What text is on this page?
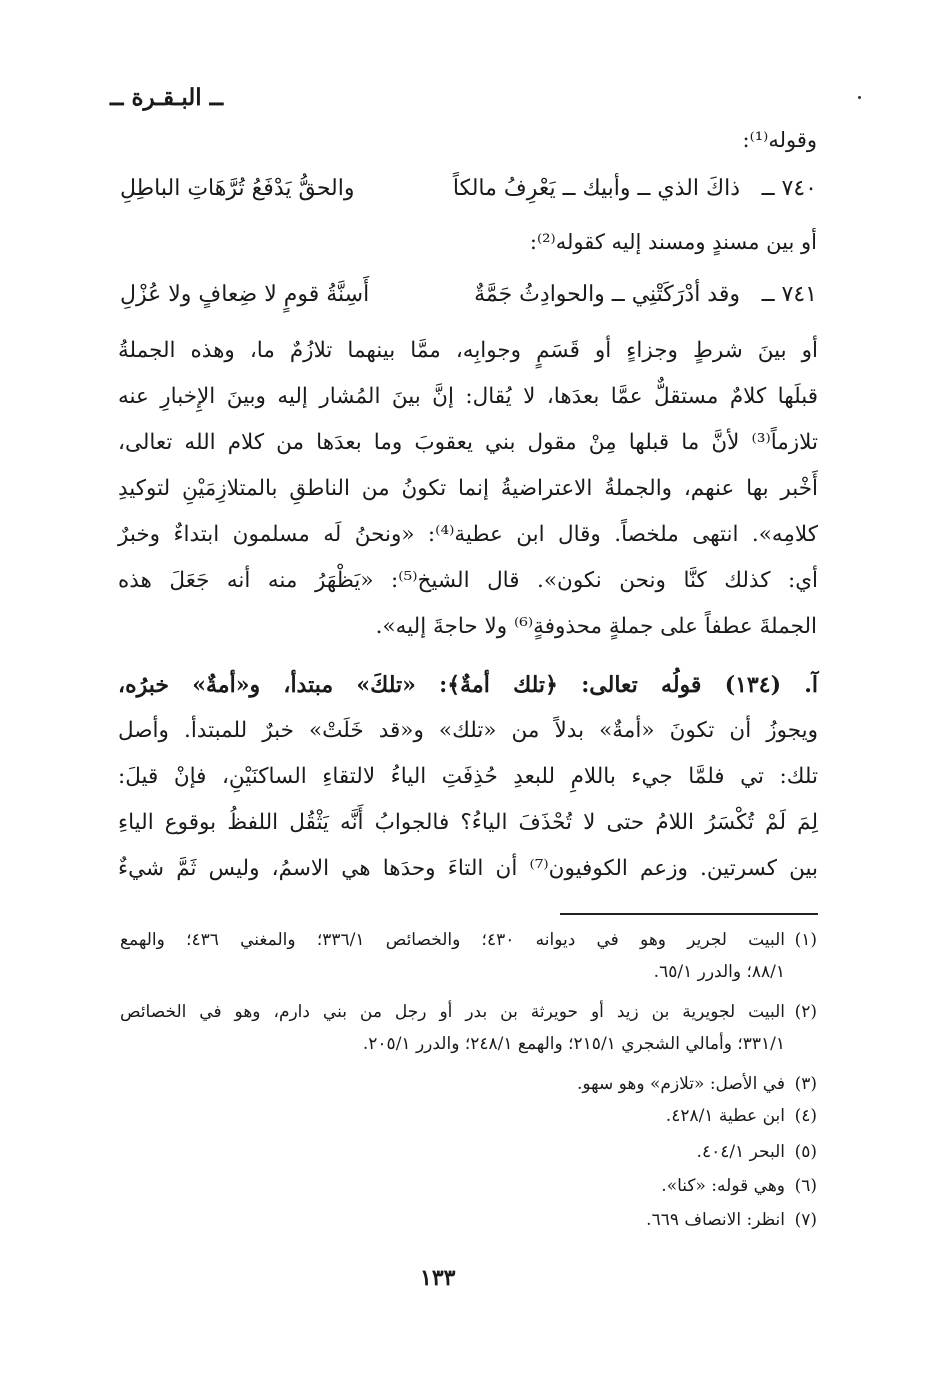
ــ البـقـرة ــ
وقوله⁽¹⁾:
٧٤٠ ــ
ذاكَ الذي ــ وأبيك ــ يَعْرِفُ مالكاً
والحقُّ يَدْفَعُ تُرَّهَاتِ الباطِلِ
أو بين مسندٍ ومسند إليه كقوله⁽²⁾:
٧٤١ ــ
وقد أدْرَكَتْنِي ــ والحوادِثُ جَمَّةٌ
أَسِنَّةُ قومٍ لا ضِعافٍ ولا عُزْلِ
أو بينَ شرطٍ وجزاءٍ أو قَسَمٍ وجوابِه، ممَّا بينهما تلازُمٌ ما، وهذه الجملةُ
قبلَها كلامٌ مستقلٌّ عمَّا بعدَها، لا يُقال: إنَّ بينَ المُشار إليه وبينَ الإِخبارِ عنه
تلازماً⁽³⁾ لأنَّ ما قبلها مِنْ مقول بني يعقوبَ وما بعدَها من كلام الله تعالى،
أَخْبر بها عنهم، والجملةُ الاعتراضيةُ إنما تكونُ من الناطقِ بالمتلازِمَيْنِ لتوكيدِ
كلامِه». انتهى ملخصاً. وقال ابن عطية⁽⁴⁾: «ونحنُ لَه مسلمون ابتداءٌ وخبرٌ
أي: كذلك كنَّا ونحن نكون». قال الشيخ⁽⁵⁾: «يَظْهَرُ منه أنه جَعَلَ هذه
الجملةَ عطفاً على جملةٍ محذوفةٍ⁽⁶⁾ ولا حاجةَ إليه».
آ. (١٣٤) قولُه تعالى: ﴿تلك أمةٌ﴾: «تلكَ» مبتدأ، و«أمةٌ» خبرُه،
ويجوزُ أن تكونَ «أمةٌ» بدلاً من «تلك» و«قد خَلَتْ» خبرٌ للمبتدأ. وأصل
تلك: تي فلمَّا جيء باللامِ للبعدِ حُذِفَتِ الياءُ لالتقاءِ الساكنَيْنِ، فإنْ قيلَ:
لِمَ لَمْ تُكْسَرُ اللامُ حتى لا تُحْذَفَ الياءُ؟ فالجوابُ أَنَّه يَثْقُل اللفظُ بوقوع الياءِ
بين كسرتين. وزعم الكوفيون⁽⁷⁾ أن التاءَ وحدَها هي الاسمُ، وليس ثَمَّ شيءٌ
(١)
البيت لجرير وهو في ديوانه ٤٣٠؛ والخصائص ٣٣٦/١؛ والمغني ٤٣٦؛ والهمع
٨٨/١؛ والدرر ٦٥/١.
(٢)
البيت لجويرية بن زيد أو حويرثة بن بدر أو رجل من بني دارم، وهو في الخصائص
٣٣١/١؛ وأمالي الشجري ٢١٥/١؛ والهمع ٢٤٨/١؛ والدرر ٢٠٥/١.
(٣)
في الأصل: «تلازم» وهو سهو.
(٤)
ابن عطية ٤٢٨/١.
(٥)
البحر ٤٠٤/١.
(٦)
وهي قوله: «كنا».
(٧)
انظر: الانصاف ٦٦٩.
١٣٣
